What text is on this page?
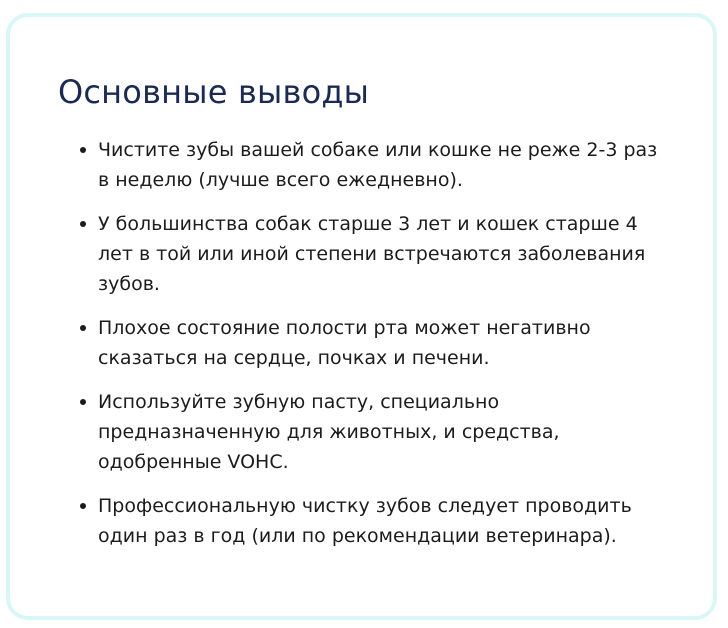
Основные выводы
Чистите зубы вашей собаке или кошке не реже 2-3 раз в неделю (лучше всего ежедневно).
У большинства собак старше 3 лет и кошек старше 4 лет в той или иной степени встречаются заболевания зубов.
Плохое состояние полости рта может негативно сказаться на сердце, почках и печени.
Используйте зубную пасту, специально предназначенную для животных, и средства, одобренные VOHC.
Профессиональную чистку зубов следует проводить один раз в год (или по рекомендации ветеринара).
